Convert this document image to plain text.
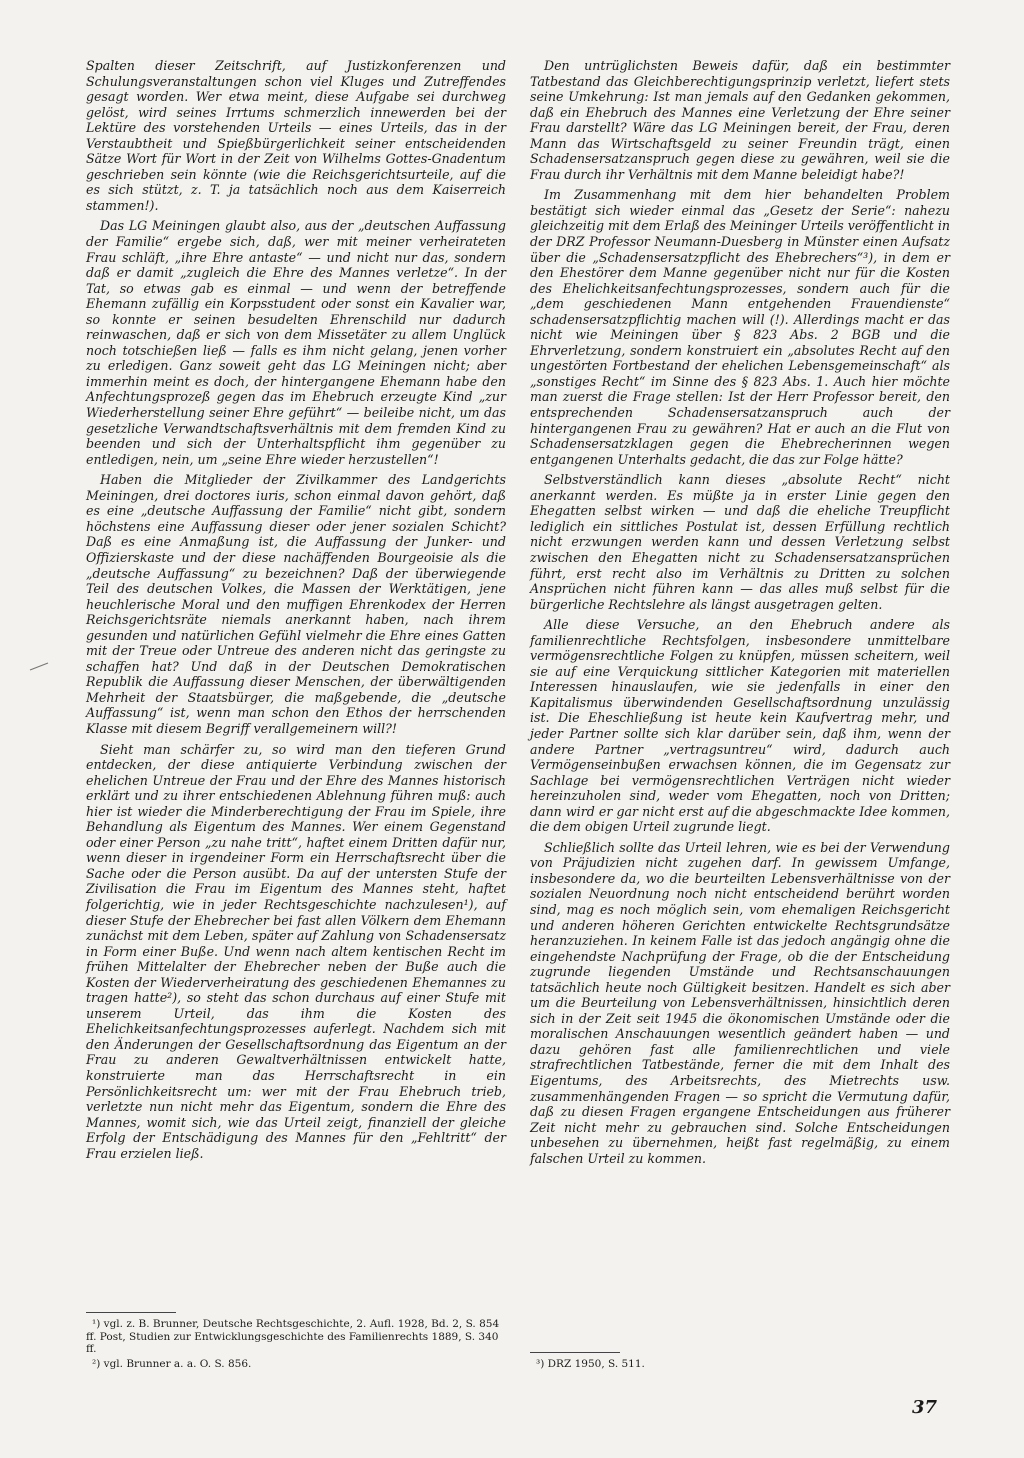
Spalten dieser Zeitschrift, auf Justizkonferenzen und Schulungsveranstaltungen schon viel Kluges und Zutreffendes gesagt worden. Wer etwa meint, diese Aufgabe sei durchweg gelöst, wird seines Irrtums schmerzlich innewerden bei der Lektüre des vorstehenden Urteils — eines Urteils, das in der Verstaubtheit und Spießbürgerlichkeit seiner entscheidenden Sätze Wort für Wort in der Zeit von Wilhelms Gottes-Gnadentum geschrieben sein könnte (wie die Reichsgerichtsurteile, auf die es sich stützt, z. T. ja tatsächlich noch aus dem Kaiserreich stammen!).

Das LG Meiningen glaubt also, aus der „deutschen Auffassung der Familie“ ergebe sich, daß, wer mit meiner verheirateten Frau schläft, „ihre Ehre antaste“ — und nicht nur das, sondern daß er damit „zugleich die Ehre des Mannes verletze“. In der Tat, so etwas gab es einmal — und wenn der betreffende Ehemann zufällig ein Korpsstudent oder sonst ein Kavalier war, so konnte er seinen besudelten Ehrenschild nur dadurch reinwaschen, daß er sich von dem Missetäter zu allem Unglück noch totschießen ließ — falls es ihm nicht gelang, jenen vorher zu erledigen. Ganz soweit geht das LG Meiningen nicht; aber immerhin meint es doch, der hintergangene Ehemann habe den Anfechtungsprozeß gegen das im Ehebruch erzeugte Kind „zur Wiederherstellung seiner Ehre geführt“ — beileibe nicht, um das gesetzliche Verwandtschaftsverhältnis mit dem fremden Kind zu beenden und sich der Unterhaltspflicht ihm gegenüber zu entledigen, nein, um „seine Ehre wieder herzustellen“!

Haben die Mitglieder der Zivilkammer des Landgerichts Meiningen, drei doctores iuris, schon einmal davon gehört, daß es eine „deutsche Auffassung der Familie“ nicht gibt, sondern höchstens eine Auffassung dieser oder jener sozialen Schicht? Daß es eine Anmaßung ist, die Auffassung der Junker- und Offizierskaste und der diese nachäffenden Bourgeoisie als die „deutsche Auffassung“ zu bezeichnen? Daß der überwiegende Teil des deutschen Volkes, die Massen der Werktätigen, jene heuchlerische Moral und den muffigen Ehrenkodex der Herren Reichsgerichtsräte niemals anerkannt haben, nach ihrem gesunden und natürlichen Gefühl vielmehr die Ehre eines Gatten mit der Treue oder Untreue des anderen nicht das geringste zu schaffen hat? Und daß in der Deutschen Demokratischen Republik die Auffassung dieser Menschen, der überwältigenden Mehrheit der Staatsbürger, die maßgebende, die „deutsche Auffassung“ ist, wenn man schon den Ethos der herrschenden Klasse mit diesem Begriff verallgemeinern will?!

Sieht man schärfer zu, so wird man den tieferen Grund entdecken, der diese antiquierte Verbindung zwischen der ehelichen Untreue der Frau und der Ehre des Mannes historisch erklärt und zu ihrer entschiedenen Ablehnung führen muß: auch hier ist wieder die Minderberechtigung der Frau im Spiele, ihre Behandlung als Eigentum des Mannes. Wer einem Gegenstand oder einer Person „zu nahe tritt“, haftet einem Dritten dafür nur, wenn dieser in irgendeiner Form ein Herrschaftsrecht über die Sache oder die Person ausübt. Da auf der untersten Stufe der Zivilisation die Frau im Eigentum des Mannes steht, haftet folgerichtig, wie in jeder Rechtsgeschichte nachzulesen¹), auf dieser Stufe der Ehebrecher bei fast allen Völkern dem Ehemann zunächst mit dem Leben, später auf Zahlung von Schadensersatz in Form einer Buße. Und wenn nach altem kentischen Recht im frühen Mittelalter der Ehebrecher neben der Buße auch die Kosten der Wiederverheiratung des geschiedenen Ehemannes zu tragen hatte²), so steht das schon durchaus auf einer Stufe mit unserem Urteil, das ihm die Kosten des Ehelichkeitsanfechtungsprozesses auferlegt. Nachdem sich mit den Änderungen der Gesellschaftsordnung das Eigentum an der Frau zu anderen Gewaltverhältnissen entwickelt hatte, konstruierte man das Herrschaftsrecht in ein Persönlichkeitsrecht um: wer mit der Frau Ehebruch trieb, verletzte nun nicht mehr das Eigentum, sondern die Ehre des Mannes, womit sich, wie das Urteil zeigt, finanziell der gleiche Erfolg der Entschädigung des Mannes für den „Fehltritt“ der Frau erzielen ließ.

Den untrüglichsten Beweis dafür, daß ein bestimmter Tatbestand das Gleichberechtigungsprinzip verletzt, liefert stets seine Umkehrung: Ist man jemals auf den Gedanken gekommen, daß ein Ehebruch des Mannes eine Verletzung der Ehre seiner Frau darstellt? Wäre das LG Meiningen bereit, der Frau, deren Mann das Wirtschaftsgeld zu seiner Freundin trägt, einen Schadensersatzanspruch gegen diese zu gewähren, weil sie die Frau durch ihr Verhältnis mit dem Manne beleidigt habe?!

Im Zusammenhang mit dem hier behandelten Problem bestätigt sich wieder einmal das „Gesetz der Serie“: nahezu gleichzeitig mit dem Erlaß des Meininger Urteils veröffentlicht in der DRZ Professor Neumann-Duesberg in Münster einen Aufsatz über die „Schadensersatzpflicht des Ehebrechers“³), in dem er den Ehestörer dem Manne gegenüber nicht nur für die Kosten des Ehelichkeitsanfechtungsprozesses, sondern auch für die „dem geschiedenen Mann entgehenden Frauendienste“ schadensersatzpflichtig machen will (!). Allerdings macht er das nicht wie Meiningen über § 823 Abs. 2 BGB und die Ehrverletzung, sondern konstruiert ein „absolutes Recht auf den ungestörten Fortbestand der ehelichen Lebensgemeinschaft“ als „sonstiges Recht“ im Sinne des § 823 Abs. 1. Auch hier möchte man zuerst die Frage stellen: Ist der Herr Professor bereit, den entsprechenden Schadensersatzanspruch auch der hintergangenen Frau zu gewähren? Hat er auch an die Flut von Schadensersatzklagen gegen die Ehebrecherinnen wegen entgangenen Unterhalts gedacht, die das zur Folge hätte?

Selbstverständlich kann dieses „absolute Recht“ nicht anerkannt werden. Es müßte ja in erster Linie gegen den Ehegatten selbst wirken — und daß die eheliche Treupflicht lediglich ein sittliches Postulat ist, dessen Erfüllung rechtlich nicht erzwungen werden kann und dessen Verletzung selbst zwischen den Ehegatten nicht zu Schadensersatzansprüchen führt, erst recht also im Verhältnis zu Dritten zu solchen Ansprüchen nicht führen kann — das alles muß selbst für die bürgerliche Rechtslehre als längst ausgetragen gelten.

Alle diese Versuche, an den Ehebruch andere als familienrechtliche Rechtsfolgen, insbesondere unmittelbare vermögensrechtliche Folgen zu knüpfen, müssen scheitern, weil sie auf eine Verquickung sittlicher Kategorien mit materiellen Interessen hinauslaufen, wie sie jedenfalls in einer den Kapitalismus überwindenden Gesellschaftsordnung unzulässig ist. Die Eheschließung ist heute kein Kaufvertrag mehr, und jeder Partner sollte sich klar darüber sein, daß ihm, wenn der andere Partner „vertragsuntreu“ wird, dadurch auch Vermögenseinbußen erwachsen können, die im Gegensatz zur Sachlage bei vermögensrechtlichen Verträgen nicht wieder hereinzuholen sind, weder vom Ehegatten, noch von Dritten; dann wird er gar nicht erst auf die abgeschmackte Idee kommen, die dem obigen Urteil zugrunde liegt.

Schließlich sollte das Urteil lehren, wie es bei der Verwendung von Präjudizien nicht zugehen darf. In gewissem Umfange, insbesondere da, wo die beurteilten Lebensverhältnisse von der sozialen Neuordnung noch nicht entscheidend berührt worden sind, mag es noch möglich sein, vom ehemaligen Reichsgericht und anderen höheren Gerichten entwickelte Rechtsgrundsätze heranzuziehen. In keinem Falle ist das jedoch angängig ohne die eingehendste Nachprüfung der Frage, ob die der Entscheidung zugrunde liegenden Umstände und Rechtsanschauungen tatsächlich heute noch Gültigkeit besitzen. Handelt es sich aber um die Beurteilung von Lebensverhältnissen, hinsichtlich deren sich in der Zeit seit 1945 die ökonomischen Umstände oder die moralischen Anschauungen wesentlich geändert haben — und dazu gehören fast alle familienrechtlichen und viele strafrechtlichen Tatbestände, ferner die mit dem Inhalt des Eigentums, des Arbeitsrechts, des Mietrechts usw. zusammenhängenden Fragen — so spricht die Vermutung dafür, daß zu diesen Fragen ergangene Entscheidungen aus früherer Zeit nicht mehr zu gebrauchen sind. Solche Entscheidungen unbesehen zu übernehmen, heißt fast regelmäßig, zu einem falschen Urteil zu kommen.

¹) vgl. z. B. Brunner, Deutsche Rechtsgeschichte, 2. Aufl. 1928, Bd. 2, S. 854 ff. Post, Studien zur Entwicklungsgeschichte des Familienrechts 1889, S. 340 ff.

²) vgl. Brunner a. a. O. S. 856.	³) DRZ 1950, S. 511.

37
